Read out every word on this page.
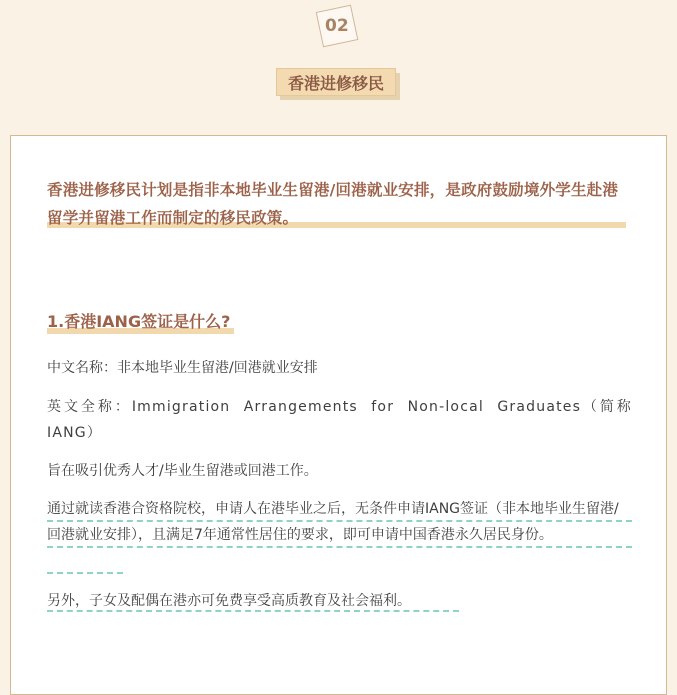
02
香港进修移民
香港进修移民计划是指非本地毕业生留港/回港就业安排，是政府鼓励境外学生赴港留学并留港工作而制定的移民政策。
1.香港IANG签证是什么?
中文名称：非本地毕业生留港/回港就业安排
英文全称：Immigration Arrangements for Non-local Graduates（简称IANG）
旨在吸引优秀人才/毕业生留港或回港工作。
通过就读香港合资格院校，申请人在港毕业之后，无条件申请IANG签证（非本地毕业生留港/回港就业安排），且满足7年通常性居住的要求，即可申请中国香港永久居民身份。
另外，子女及配偶在港亦可免费享受高质教育及社会福利。
